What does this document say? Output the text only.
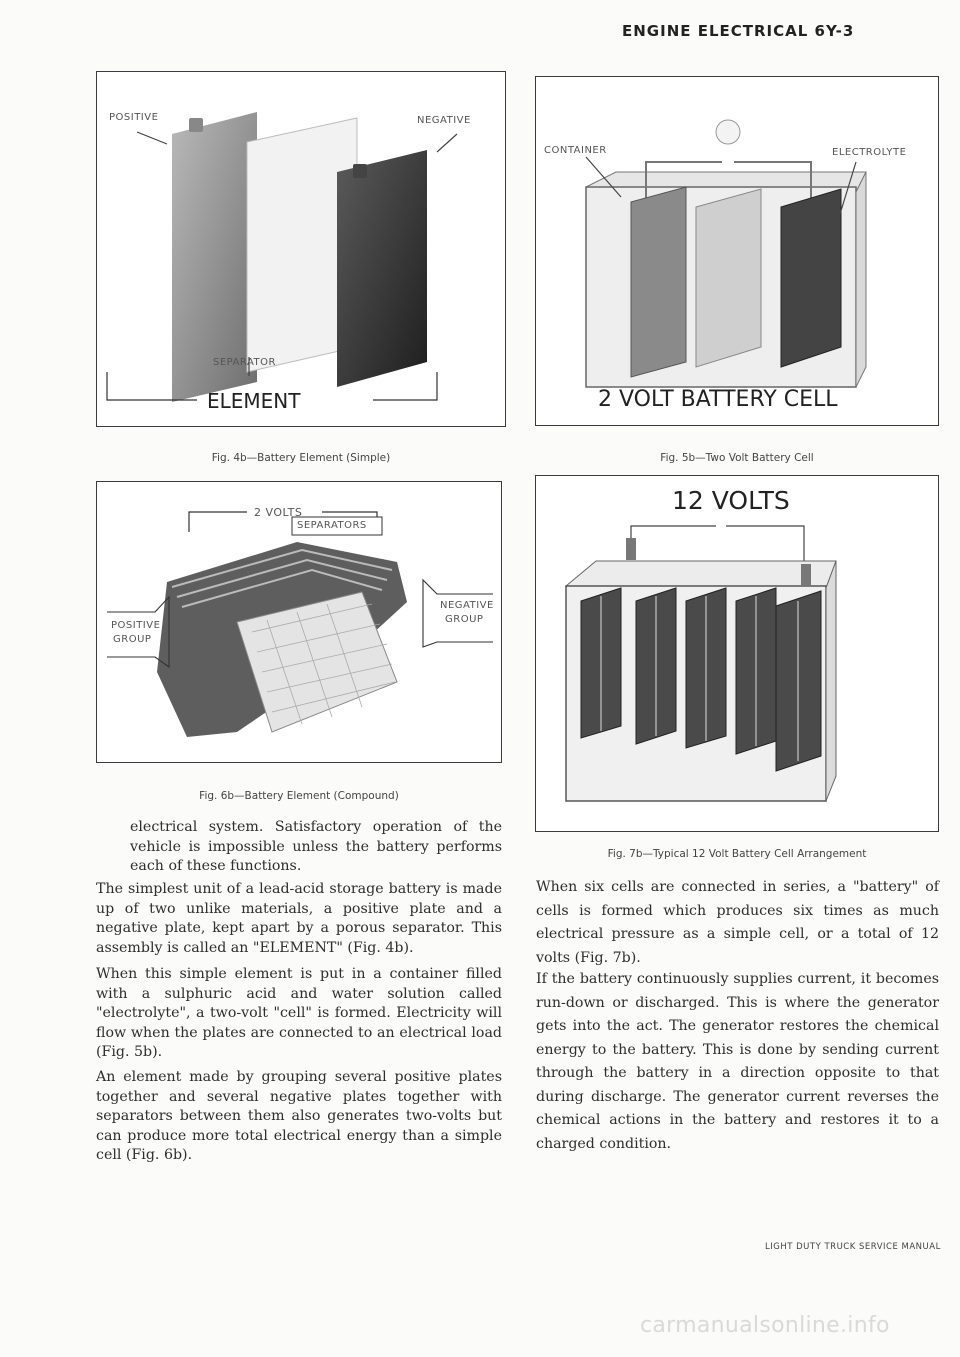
ENGINE ELECTRICAL 6Y-3
POSITIVE	NEGATIVE
SEPARATOR
ELEMENT
Fig. 4b—Battery Element (Simple)
CONTAINER	ELECTROLYTE
2 VOLT BATTERY CELL
Fig. 5b—Two Volt Battery Cell
2 VOLTS
SEPARATORS
POSITIVE
GROUP
NEGATIVE
GROUP
Fig. 6b—Battery Element (Compound)
12 VOLTS
Fig. 7b—Typical 12 Volt Battery Cell Arrangement
electrical system. Satisfactory operation of the vehicle is impossible unless the battery performs each of these functions.
The simplest unit of a lead-acid storage battery is made up of two unlike materials, a positive plate and a negative plate, kept apart by a porous separator. This assembly is called an "ELEMENT" (Fig. 4b).
When this simple element is put in a container filled with a sulphuric acid and water solution called "electrolyte", a two-volt "cell" is formed. Electricity will flow when the plates are connected to an electrical load (Fig. 5b).
An element made by grouping several positive plates together and several negative plates together with separators between them also generates two-volts but can produce more total electrical energy than a simple cell (Fig. 6b).
When six cells are connected in series, a "battery" of cells is formed which produces six times as much electrical pressure as a simple cell, or a total of 12 volts (Fig. 7b).
If the battery continuously supplies current, it becomes run-down or discharged. This is where the generator gets into the act. The generator restores the chemical energy to the battery. This is done by sending current through the battery in a direction opposite to that during discharge. The generator current reverses the chemical actions in the battery and restores it to a charged condition.
LIGHT DUTY TRUCK SERVICE MANUAL
carmanualsonline.info
